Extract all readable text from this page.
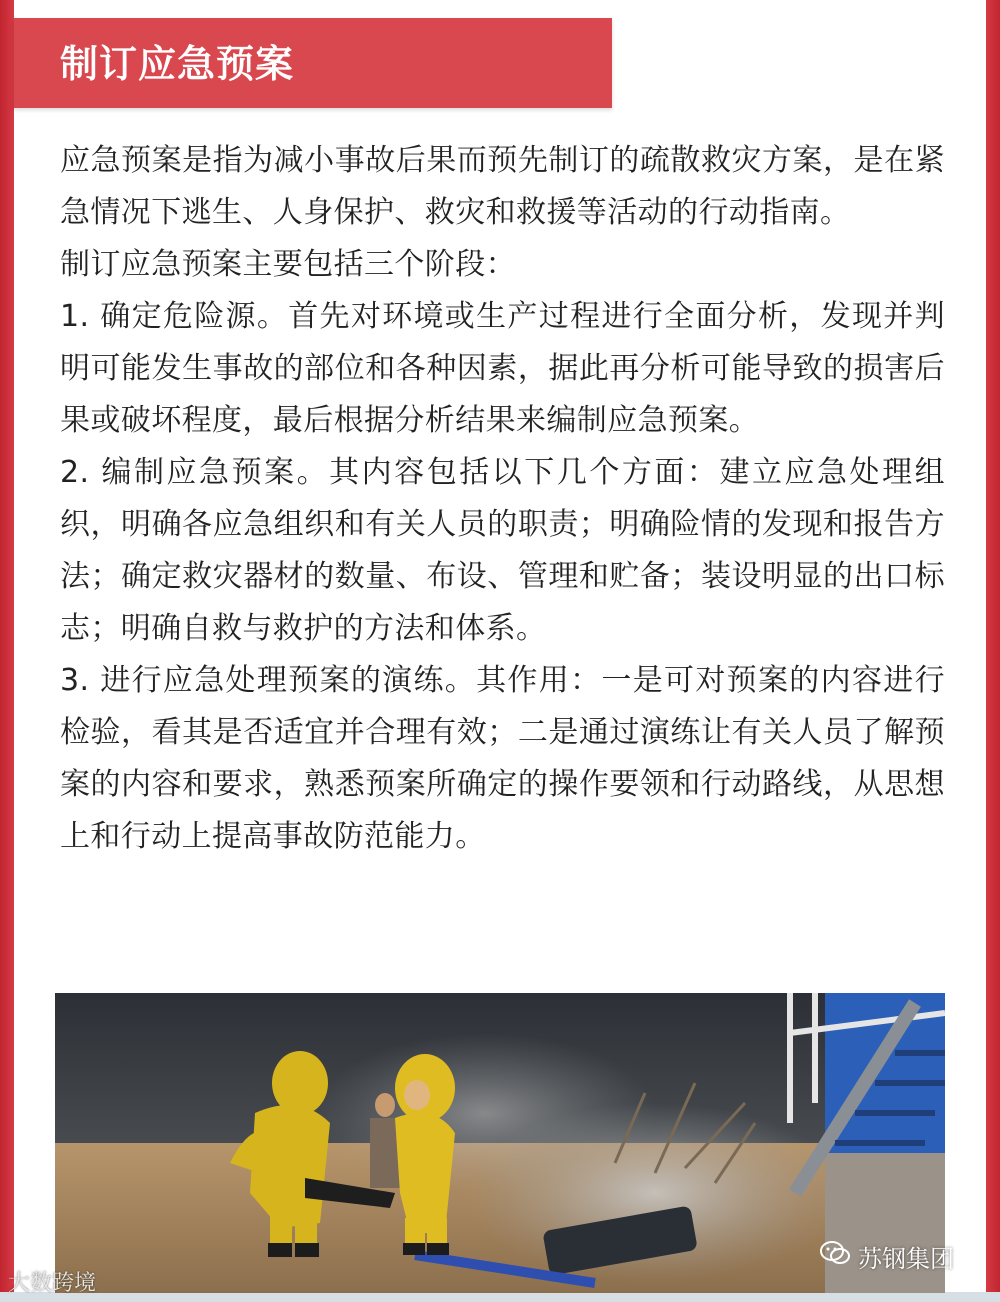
制订应急预案

应急预案是指为减小事故后果而预先制订的疏散救灾方案，是在紧急情况下逃生、人身保护、救灾和救援等活动的行动指南。

制订应急预案主要包括三个阶段：

1. 确定危险源。首先对环境或生产过程进行全面分析，发现并判明可能发生事故的部位和各种因素，据此再分析可能导致的损害后果或破坏程度，最后根据分析结果来编制应急预案。

2. 编制应急预案。其内容包括以下几个方面：建立应急处理组织，明确各应急组织和有关人员的职责；明确险情的发现和报告方法；确定救灾器材的数量、布设、管理和贮备；装设明显的出口标志；明确自救与救护的方法和体系。

3. 进行应急处理预案的演练。其作用：一是可对预案的内容进行检验，看其是否适宜并合理有效；二是通过演练让有关人员了解预案的内容和要求，熟悉预案所确定的操作要领和行动路线，从思想上和行动上提高事故防范能力。

大数跨境
苏钢集团
